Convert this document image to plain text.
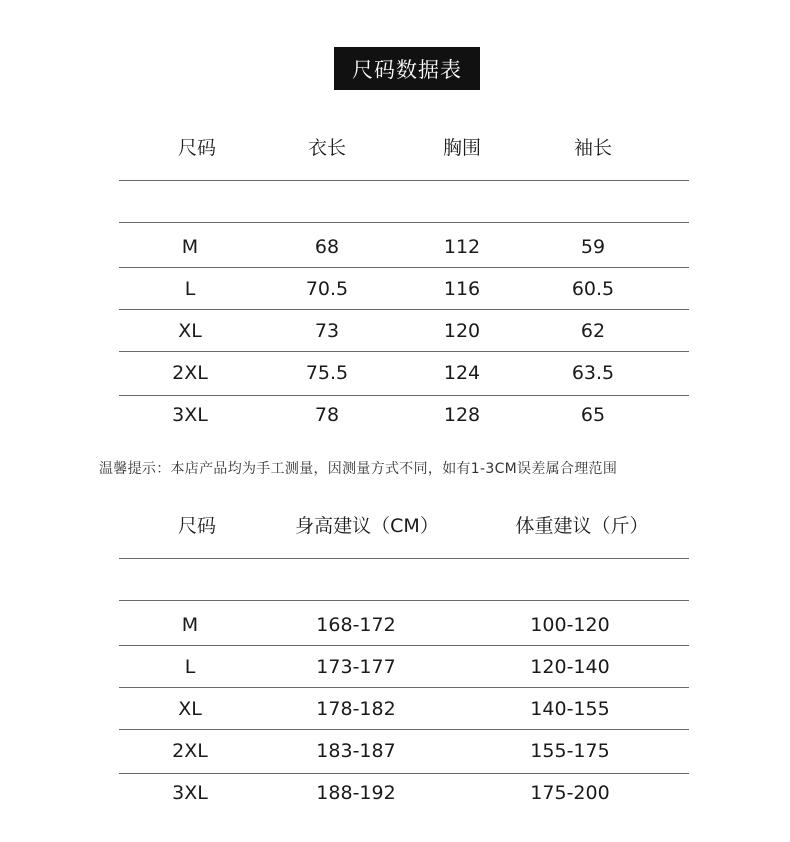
尺码数据表
尺码	衣长	胸围	袖长
M	68	112	59
L	70.5	116	60.5
XL	73	120	62
2XL	75.5	124	63.5
3XL	78	128	65
温馨提示：本店产品均为手工测量，因测量方式不同，如有1-3CM误差属合理范围
尺码	身高建议（CM）	体重建议（斤）
M	168-172	100-120
L	173-177	120-140
XL	178-182	140-155
2XL	183-187	155-175
3XL	188-192	175-200
